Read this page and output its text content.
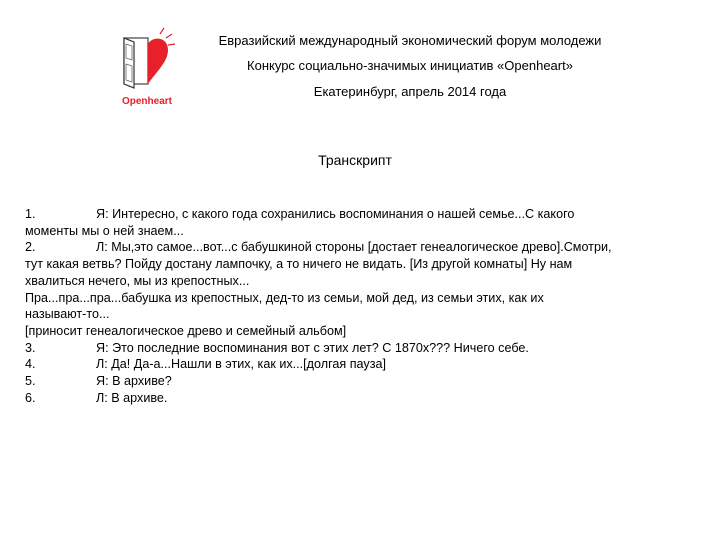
Openheart
Евразийский международный экономический форум молодежи
Конкурс социально-значимых инициатив «Openheart»
Екатеринбург, апрель 2014 года
Транскрипт
1.	Я: Интересно, с какого года сохранились воспоминания о нашей семье...С какого
моменты мы о ней знаем...
2.	Л: Мы,это самое...вот...с бабушкиной стороны [достает генеалогическое древо].Смотри,
тут какая ветвь? Пойду достану лампочку, а то ничего не видать. [Из другой комнаты] Ну нам
хвалиться нечего, мы из крепостных...
Пра...пра...пра...бабушка из крепостных, дед-то из семьи, мой дед, из семьи этих, как их
называют-то...
[приносит генеалогическое древо и семейный альбом]
3.	Я: Это последние воспоминания вот с этих лет? С 1870х??? Ничего себе.
4.	Л: Да! Да-а...Нашли в этих, как их...[долгая пауза]
5.	Я: В архиве?
6.	Л: В архиве.
